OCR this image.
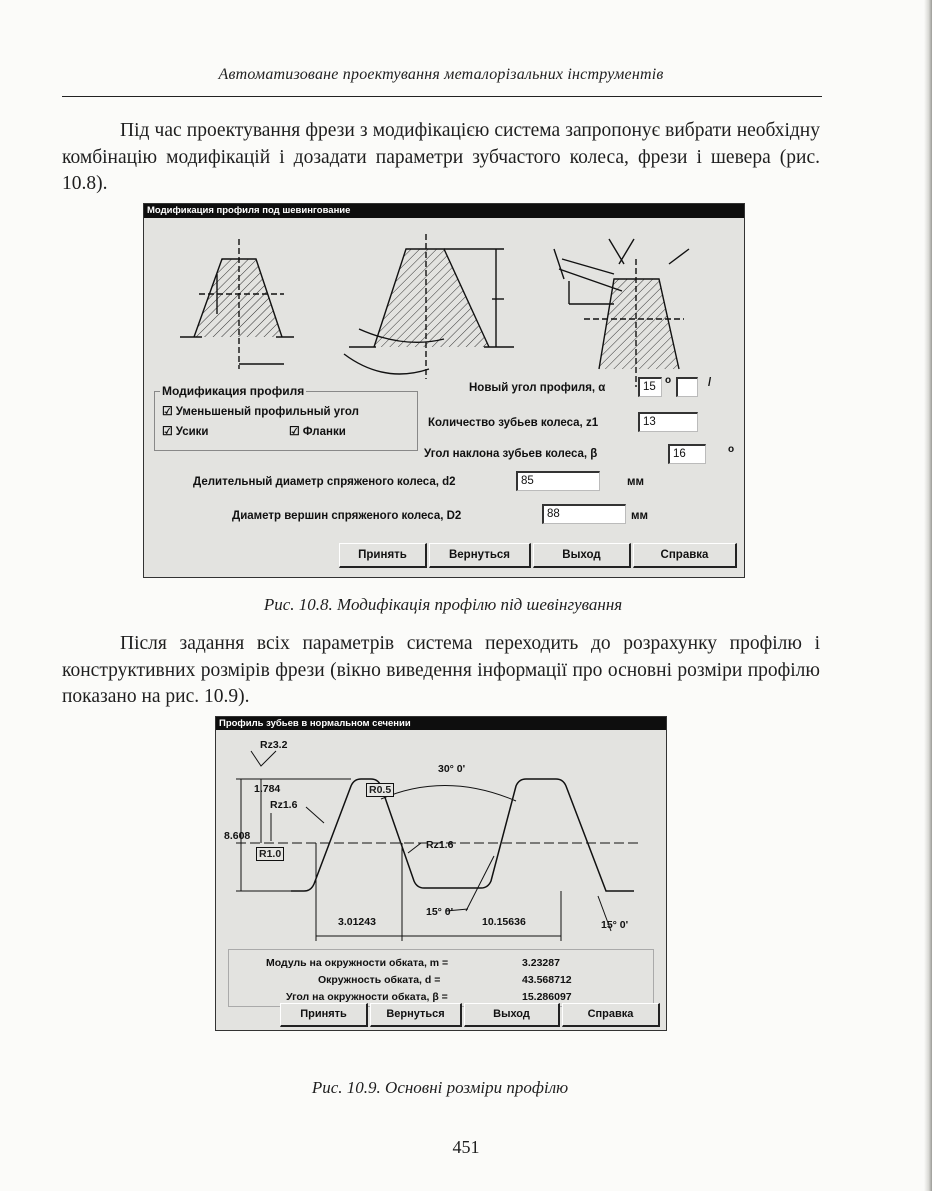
Автоматизоване проектування металорізальних інструментів
Під час проектування фрези з модифікацією система запропонує вибрати необхідну комбінацію модифікацій і дозадати параметри зубчастого колеса, фрези і шевера (рис. 10.8).
Модификация профиля под шевингование
Модификация профиля
☑ Уменьшеный профильный угол
☑ Усики	☑ Фланки
Новый угол профиля, α	15
o	/
Количество зубьев колеса, z1	13
Угол наклона зубьев колеса, β	16	o
Делительный диаметр спряженого колеса, d2	85	мм
Диаметр вершин спряженого колеса, D2	88	мм
Принять	Вернуться	Выход	Справка
Рис. 10.8. Модифікація профілю під шевінгування
Після задання всіх параметрів система переходить до розрахунку профілю і конструктивних розмірів фрези (вікно виведення інформації про основні розміри профілю показано на рис. 10.9).
Профиль зубьев в нормальном сечении
Rz3.2
30° 0'
1.784	R0.5
Rz1.6
8.608
Rz1.6
R1.0
15° 0'
3.01243	10.15636	15° 0'
Модуль на окружности обката, m =	3.23287
Окружность обката, d =	43.568712
Угол на окружности обката, β =	15.286097
Принять	Вернуться	Выход	Справка
Рис. 10.9. Основні розміри профілю
451
